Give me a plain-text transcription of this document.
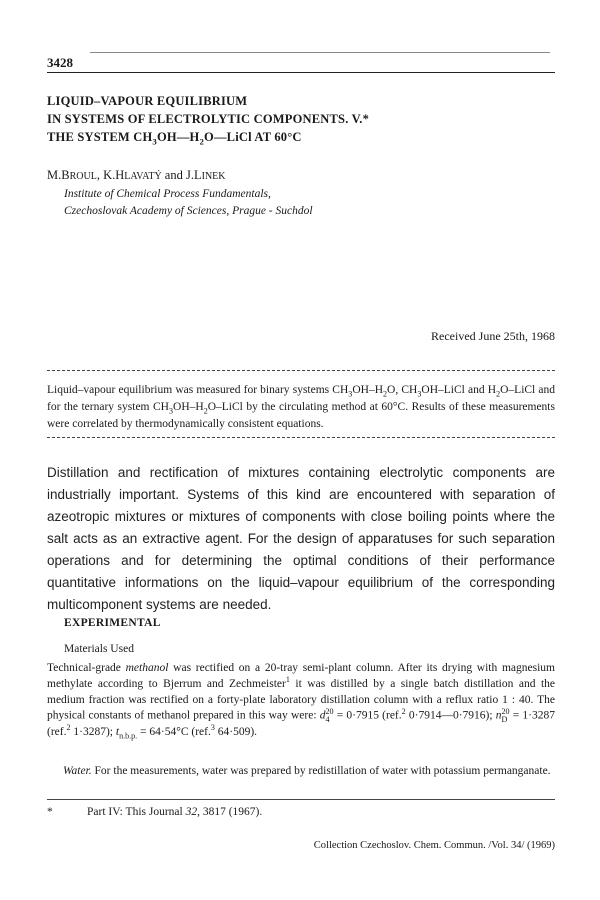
3428
LIQUID–VAPOUR EQUILIBRIUM
IN SYSTEMS OF ELECTROLYTIC COMPONENTS. V.*
THE SYSTEM $CH_3OH—H_2O—LiCl$ AT 60°C
M.BROUL, K.HLAVATÝ and J.LINEK
Institute of Chemical Process Fundamentals,
Czechoslovak Academy of Sciences, Prague - Suchdol
Received June 25th, 1968
Liquid–vapour equilibrium was measured for binary systems $CH_3OH-H_2O$, $CH_3OH$–LiCl and $H_2O$–LiCl and for the ternary system $CH_3OH-H_2O$–LiCl by the circulating method at 60°C. Results of these measurements were correlated by thermodynamically consistent equations.
Distillation and rectification of mixtures containing electrolytic components are industrially important. Systems of this kind are encountered with separation of azeotropic mixtures or mixtures of components with close boiling points where the salt acts as an extractive agent. For the design of apparatuses for such separation operations and for determining the optimal conditions of their performance quantitative informations on the liquid–vapour equilibrium of the corresponding multicomponent systems are needed.
EXPERIMENTAL
Materials Used
Technical-grade methanol was rectified on a 20-tray semi-plant column. After its drying with magnesium methylate according to Bjerrum and Zechmeister$^1$ it was distilled by a single batch distillation and the medium fraction was rectified on a forty-plate laboratory distillation column with a reflux ratio 1 : 40. The physical constants of methanol prepared in this way were: d 20
4 = 0·7915 (ref.$^2$ 0·7914—0·7916); n 20
D = 1·3287 (ref.$^2$ 1·3287); $t_{n.b.p.} = 64\cdot 54^\circ C$ (ref.$^3$ 64·509).
Water. For the measurements, water was prepared by redistillation of water with potassium permanganate.
*	Part IV: This Journal 32, 3817 (1967).
Collection Czechoslov. Chem. Commun. /Vol. 34/ (1969)
